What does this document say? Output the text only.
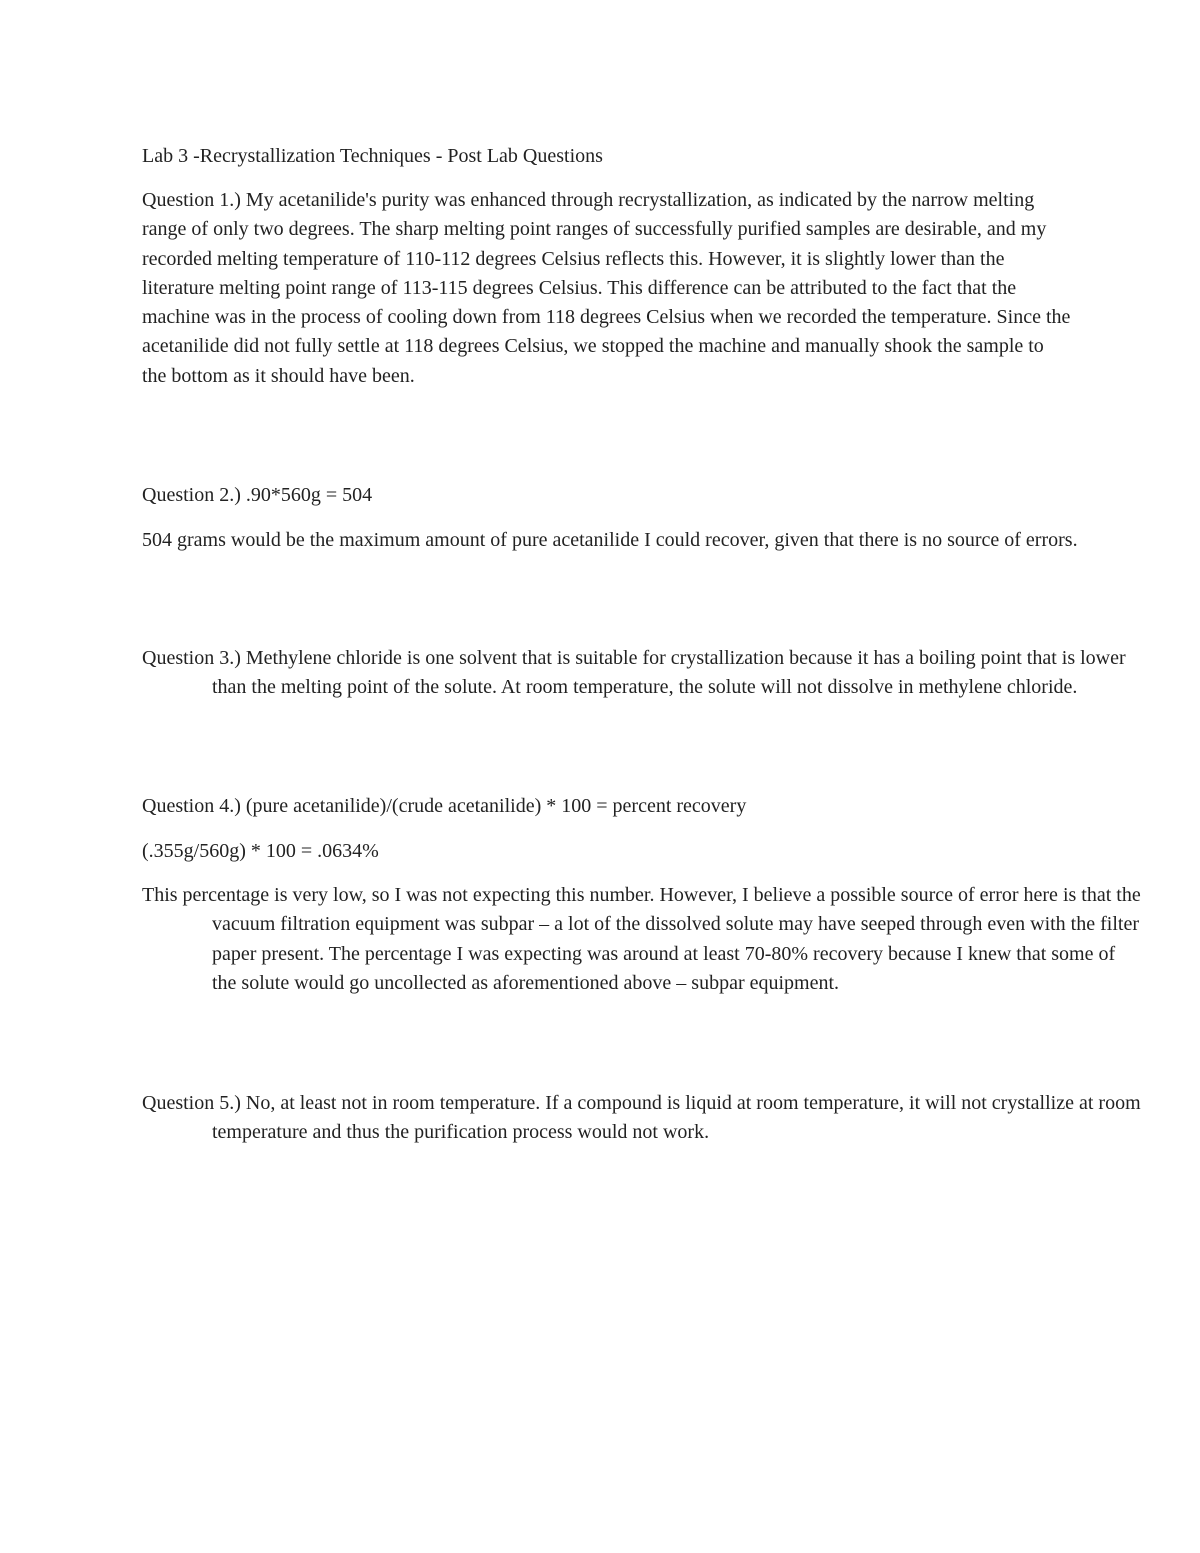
Lab 3 -Recrystallization Techniques - Post Lab Questions

Question 1.) My acetanilide's purity was enhanced through recrystallization, as indicated by the narrow melting range of only two degrees. The sharp melting point ranges of successfully purified samples are desirable, and my recorded melting temperature of 110-112 degrees Celsius reflects this. However, it is slightly lower than the literature melting point range of 113-115 degrees Celsius. This difference can be attributed to the fact that the machine was in the process of cooling down from 118 degrees Celsius when we recorded the temperature. Since the acetanilide did not fully settle at 118 degrees Celsius, we stopped the machine and manually shook the sample to the bottom as it should have been.

Question 2.) .90*560g = 504

504 grams would be the maximum amount of pure acetanilide I could recover, given that there is no source of errors.

Question 3.) Methylene chloride is one solvent that is suitable for crystallization because it has a boiling point that is lower than the melting point of the solute. At room temperature, the solute will not dissolve in methylene chloride.

Question 4.) (pure acetanilide)/(crude acetanilide) * 100 = percent recovery

(.355g/560g) * 100 = .0634%

This percentage is very low, so I was not expecting this number. However, I believe a possible source of error here is that the vacuum filtration equipment was subpar – a lot of the dissolved solute may have seeped through even with the filter paper present. The percentage I was expecting was around at least 70-80% recovery because I knew that some of the solute would go uncollected as aforementioned above – subpar equipment.

Question 5.) No, at least not in room temperature. If a compound is liquid at room temperature, it will not crystallize at room temperature and thus the purification process would not work.
